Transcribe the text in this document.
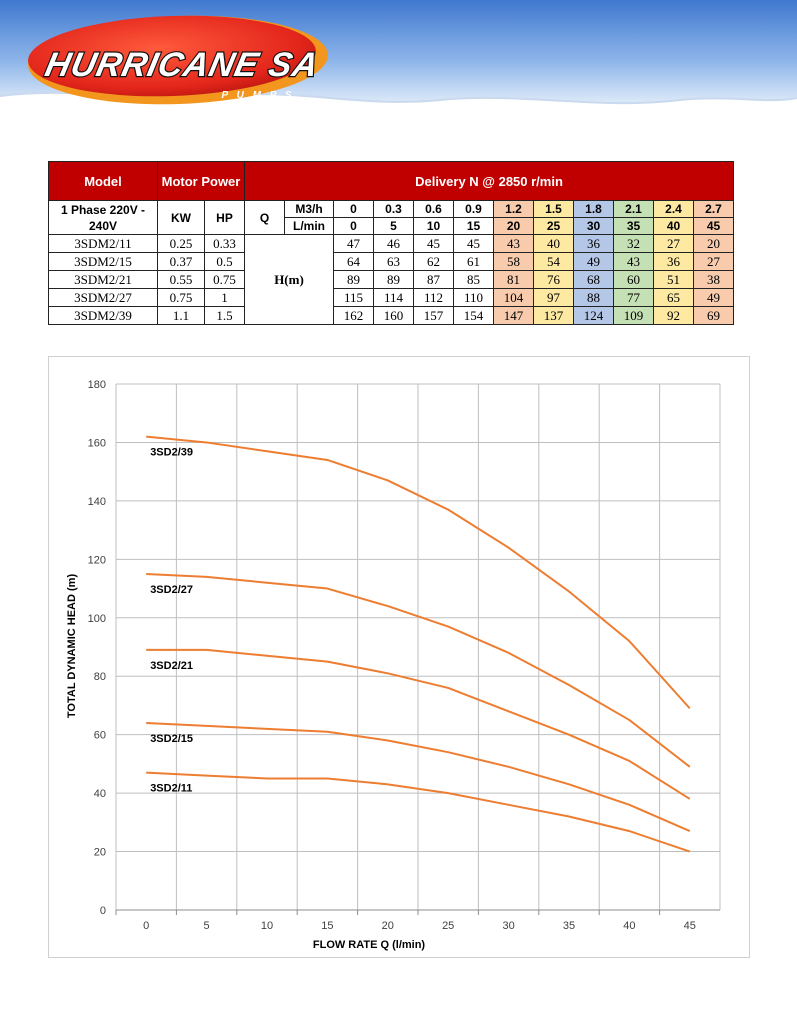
HURRICANE SA
P U M P S
Model	Motor Power		Delivery N @ 2850 r/min											
1 Phase 220V - 240V	KW	HP	Q	M3/h	0	0.3	0.6	0.9	1.2	1.5	1.8	2.1	2.4	2.7
				L/min	0	5	10	15	20	25	30	35	40	45
3SDM2/11	0.25	0.33	H(m)		47	46	45	45	43	40	36	32	27	20
3SDM2/15	0.37	0.5			64	63	62	61	58	54	49	43	36	27
3SDM2/21	0.55	0.75			89	89	87	85	81	76	68	60	51	38
3SDM2/27	0.75	1			115	114	112	110	104	97	88	77	65	49
3SDM2/39	1.1	1.5			162	160	157	154	147	137	124	109	92	69
0
20
40
60
80
100
120
140
160
180
0	5	10	15	20	25	30	35	40	45
3SD2/39
3SD2/27
3SD2/21
3SD2/15
3SD2/11
FLOW RATE Q (l/min)
TOTAL DYNAMIC HEAD (m)
